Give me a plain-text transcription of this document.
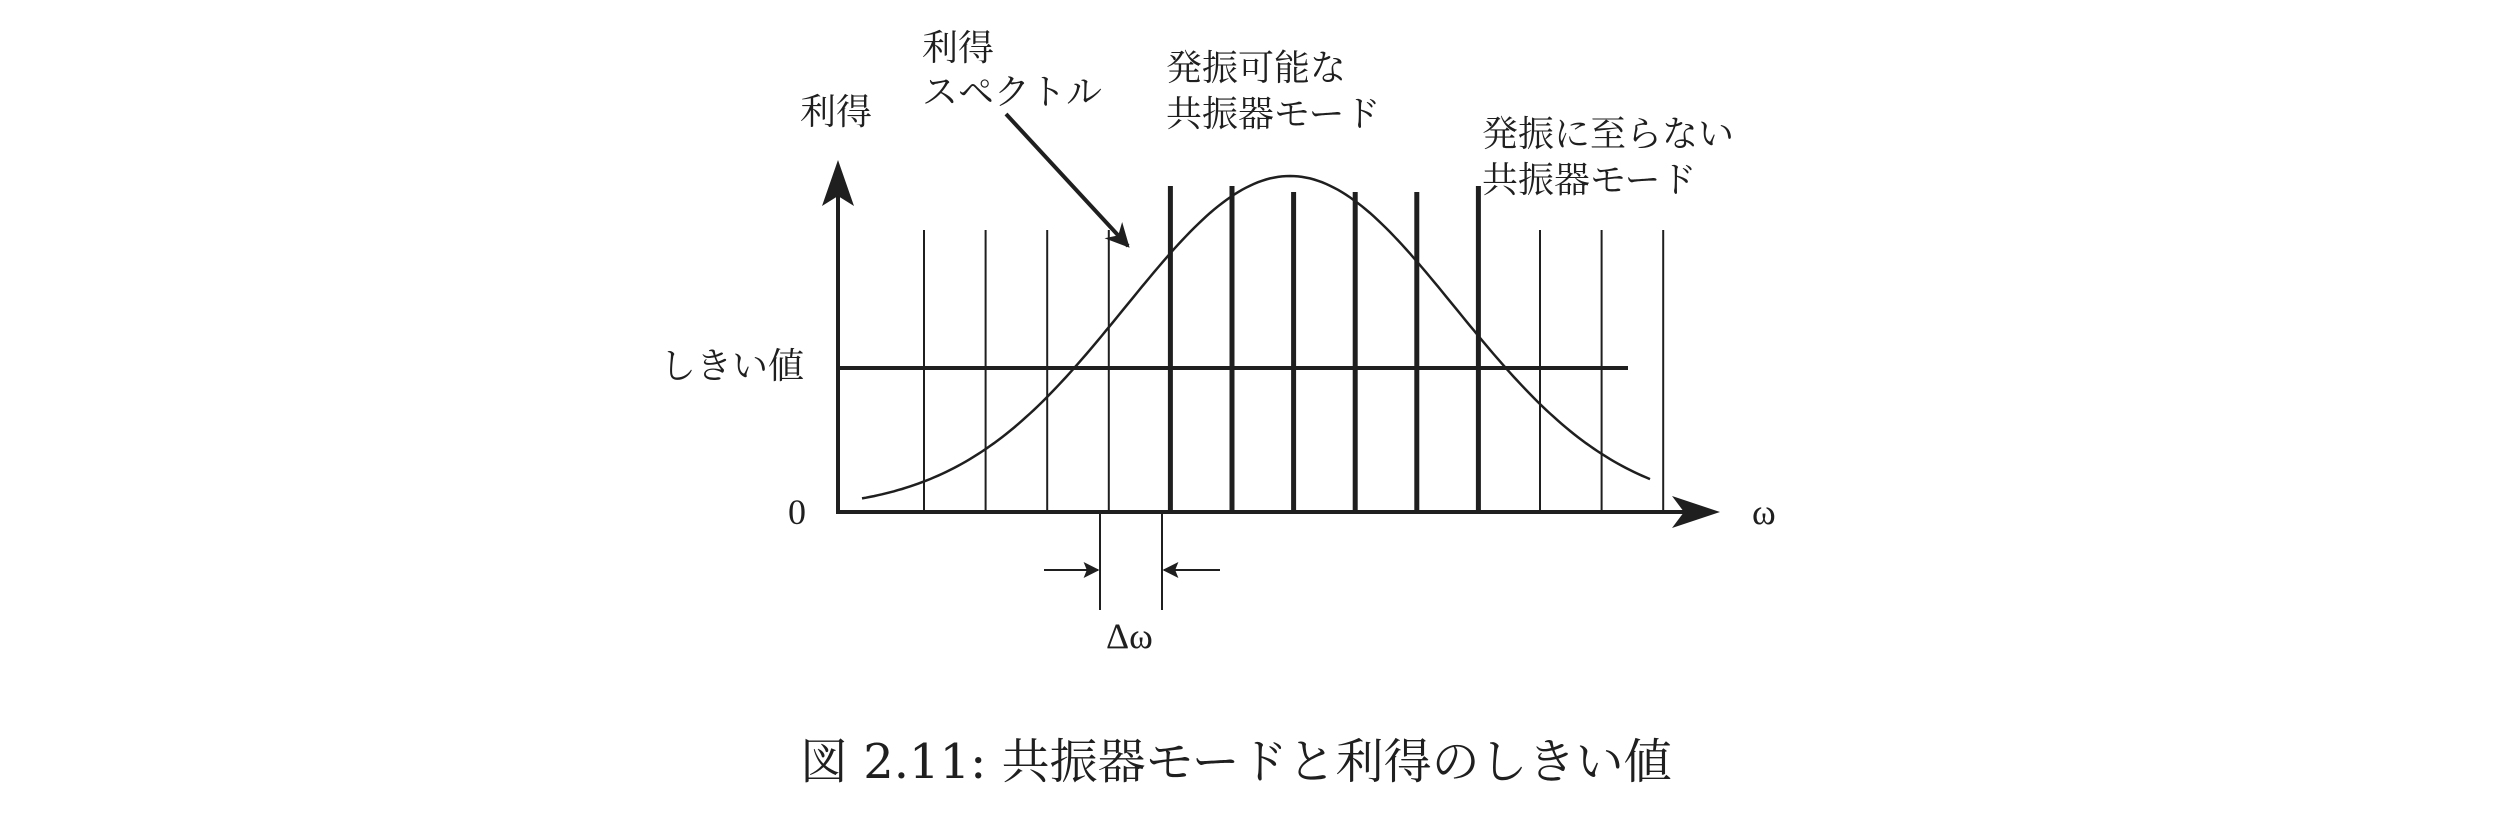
利得
ω
0
しきい値
利得
スペクトル
発振可能な
共振器モード	発振に至らない
共振器モード
Δω
図 2.11: 共振器モードと利得のしきい値
